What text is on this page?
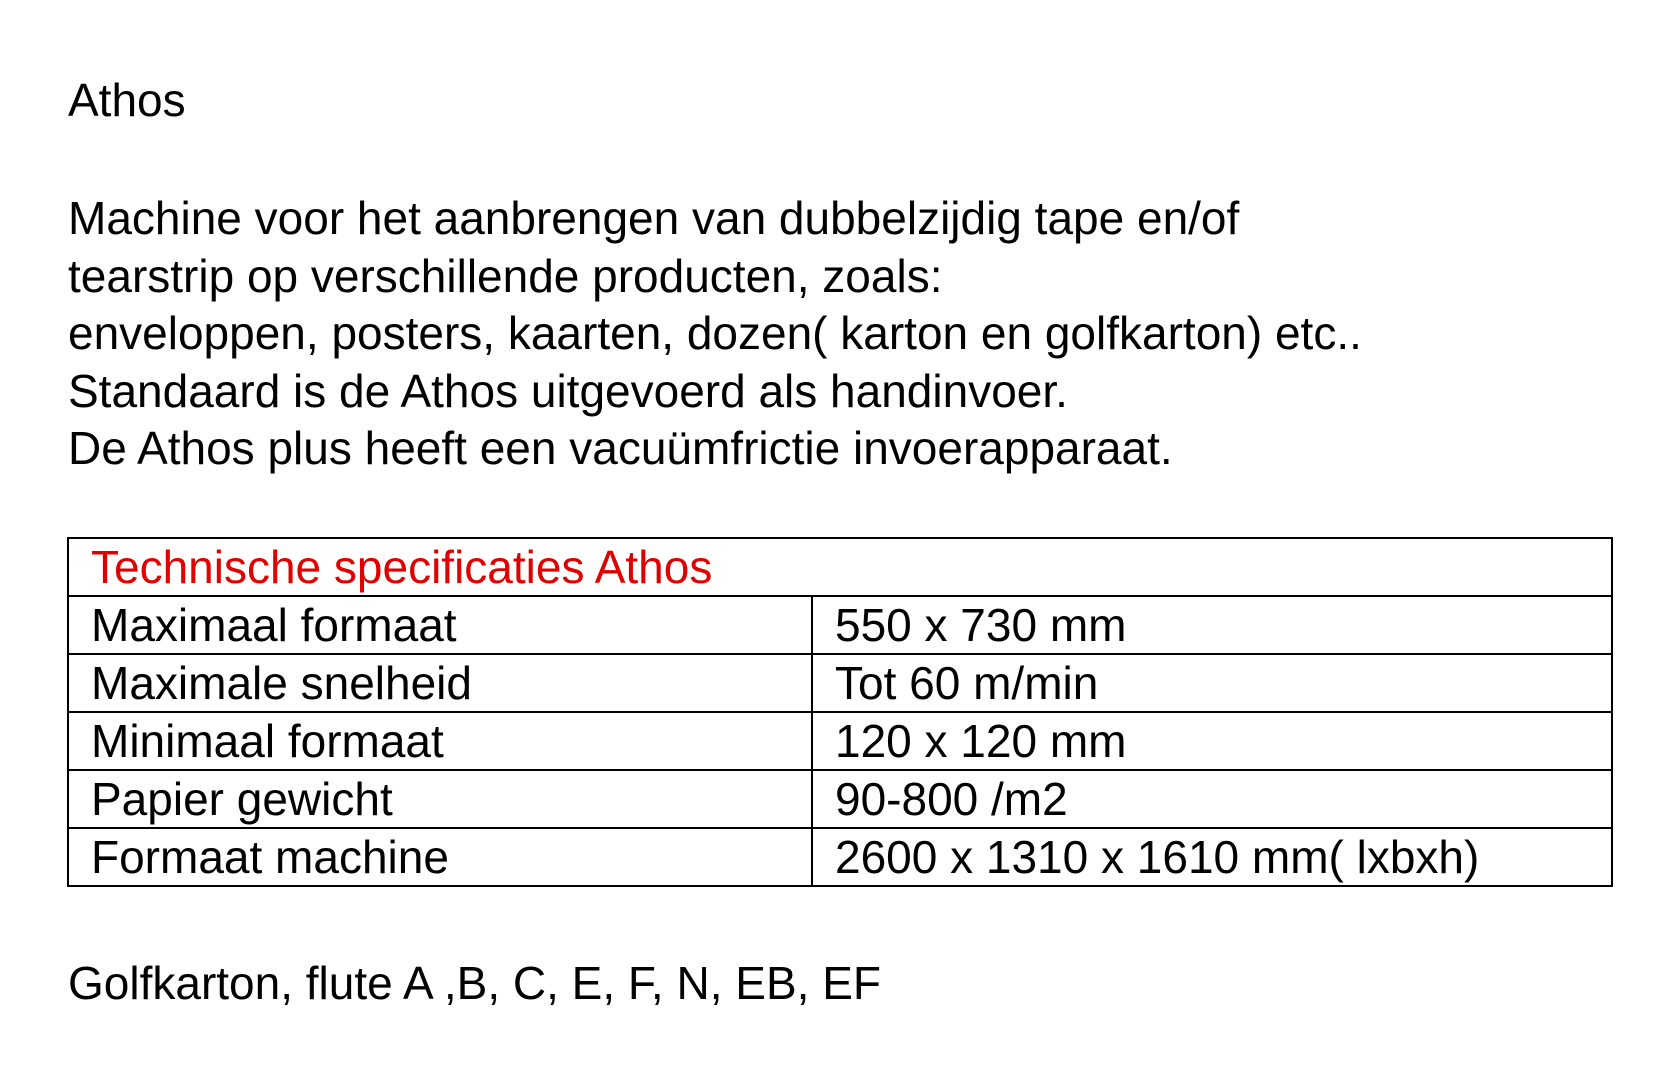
Athos

Machine voor het aanbrengen van dubbelzijdig tape en/of
tearstrip op verschillende producten, zoals:
enveloppen, posters, kaarten, dozen( karton en golfkarton) etc..
Standaard is de Athos uitgevoerd als handinvoer.
De Athos plus heeft een vacuümfrictie invoerapparaat.

Technische specificaties Athos	
Maximaal formaat	550 x 730 mm
Maximale snelheid	Tot 60 m/min
Minimaal formaat	120 x 120 mm
Papier gewicht	90-800 /m2
Formaat machine	2600 x 1310 x 1610 mm( lxbxh)

Golfkarton, flute A ,B, C, E, F, N, EB, EF
